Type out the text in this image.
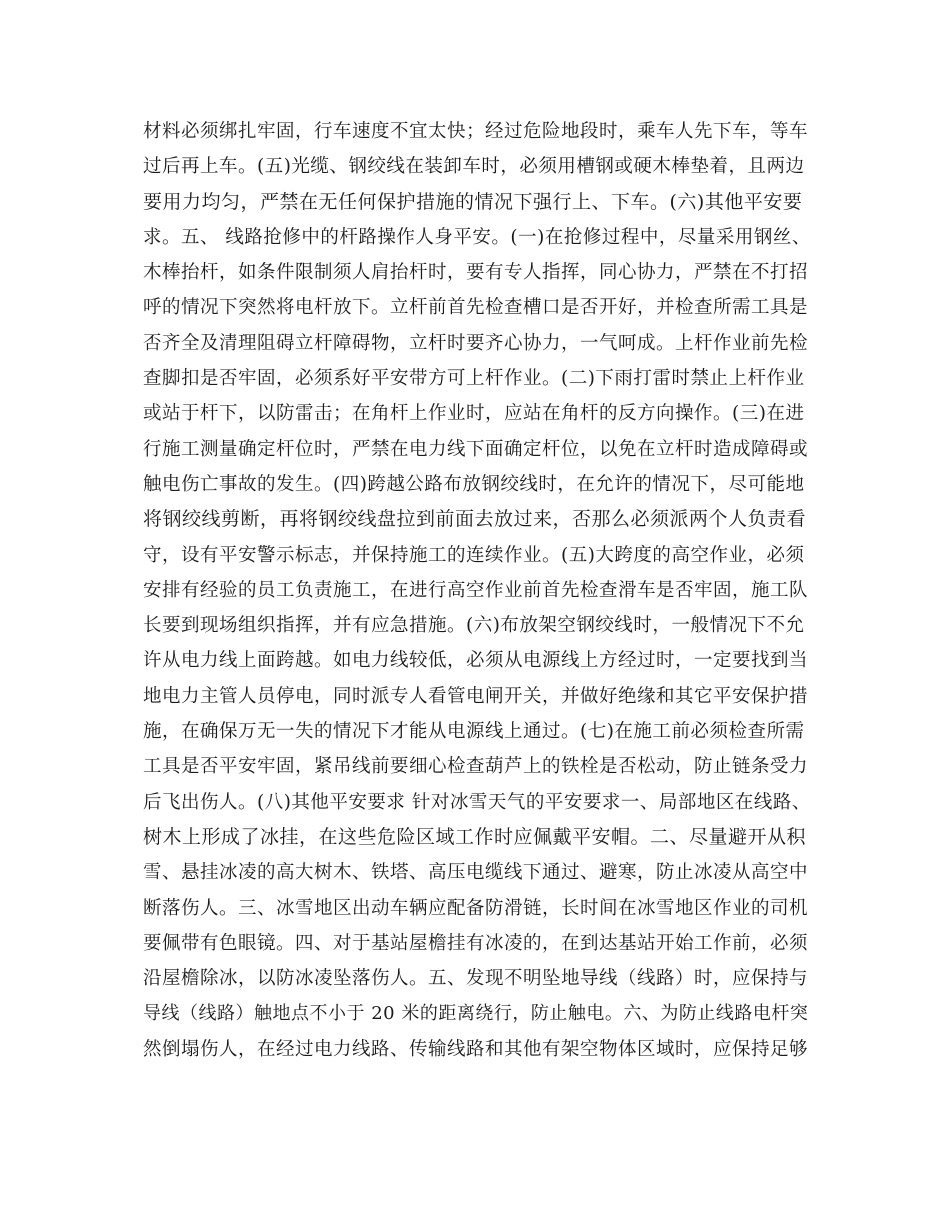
材料必须绑扎牢固，行车速度不宜太快；经过危险地段时，乘车人先下车，等车
过后再上车。(五)光缆、钢绞线在装卸车时，必须用槽钢或硬木棒垫着，且两边
要用力均匀，严禁在无任何保护措施的情况下强行上、下车。(六)其他平安要
求。五、 线路抢修中的杆路操作人身平安。(一)在抢修过程中，尽量采用钢丝、
木棒抬杆，如条件限制须人肩抬杆时，要有专人指挥，同心协力，严禁在不打招
呼的情况下突然将电杆放下。立杆前首先检查槽口是否开好，并检查所需工具是
否齐全及清理阻碍立杆障碍物，立杆时要齐心协力，一气呵成。上杆作业前先检
查脚扣是否牢固，必须系好平安带方可上杆作业。(二)下雨打雷时禁止上杆作业
或站于杆下，以防雷击；在角杆上作业时，应站在角杆的反方向操作。(三)在进
行施工测量确定杆位时，严禁在电力线下面确定杆位，以免在立杆时造成障碍或
触电伤亡事故的发生。(四)跨越公路布放钢绞线时，在允许的情况下，尽可能地
将钢绞线剪断，再将钢绞线盘拉到前面去放过来，否那么必须派两个人负责看
守，设有平安警示标志，并保持施工的连续作业。(五)大跨度的高空作业，必须
安排有经验的员工负责施工，在进行高空作业前首先检查滑车是否牢固，施工队
长要到现场组织指挥，并有应急措施。(六)布放架空钢绞线时，一般情况下不允
许从电力线上面跨越。如电力线较低，必须从电源线上方经过时，一定要找到当
地电力主管人员停电，同时派专人看管电闸开关，并做好绝缘和其它平安保护措
施，在确保万无一失的情况下才能从电源线上通过。(七)在施工前必须检查所需
工具是否平安牢固，紧吊线前要细心检查葫芦上的铁栓是否松动，防止链条受力
后飞出伤人。(八)其他平安要求 针对冰雪天气的平安要求一、局部地区在线路、
树木上形成了冰挂，在这些危险区域工作时应佩戴平安帽。二、尽量避开从积
雪、悬挂冰凌的高大树木、铁塔、高压电缆线下通过、避寒，防止冰凌从高空中
断落伤人。三、冰雪地区出动车辆应配备防滑链，长时间在冰雪地区作业的司机
要佩带有色眼镜。四、对于基站屋檐挂有冰凌的，在到达基站开始工作前，必须
沿屋檐除冰，以防冰凌坠落伤人。五、发现不明坠地导线（线路）时，应保持与
导线（线路）触地点不小于 20 米的距离绕行，防止触电。六、为防止线路电杆突
然倒塌伤人，在经过电力线路、传输线路和其他有架空物体区域时，应保持足够
